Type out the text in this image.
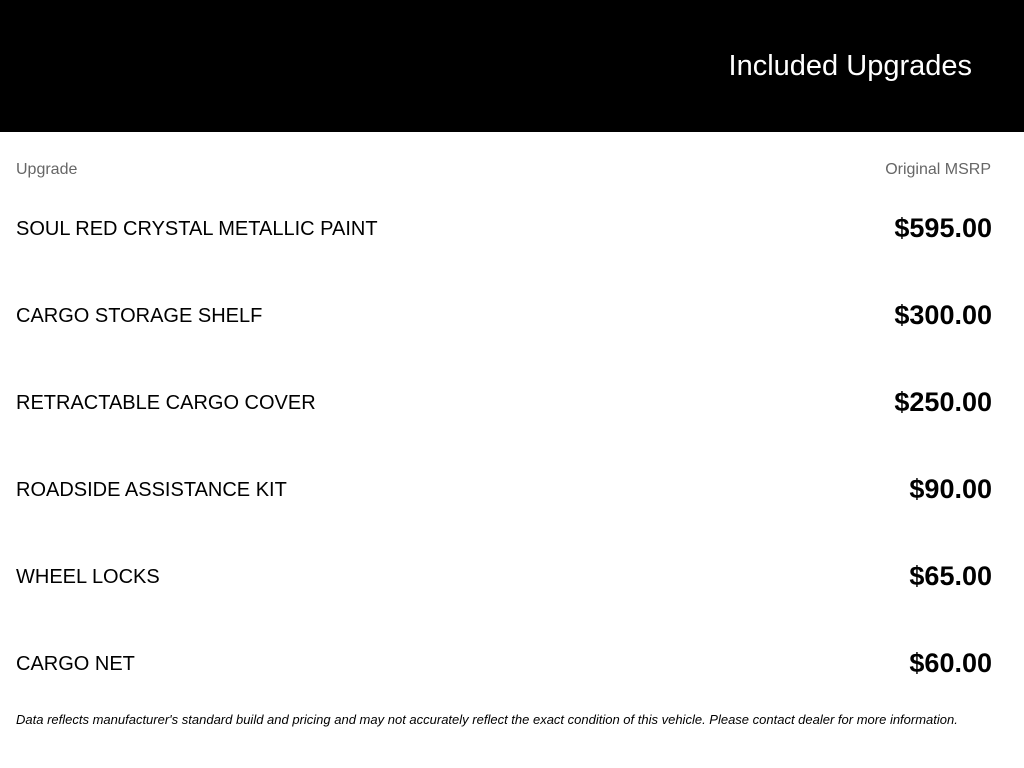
Included Upgrades
Upgrade	Original MSRP
SOUL RED CRYSTAL METALLIC PAINT	$595.00
CARGO STORAGE SHELF	$300.00
RETRACTABLE CARGO COVER	$250.00
ROADSIDE ASSISTANCE KIT	$90.00
WHEEL LOCKS	$65.00
CARGO NET	$60.00
Data reflects manufacturer's standard build and pricing and may not accurately reflect the exact condition of this vehicle. Please contact dealer for more information.
